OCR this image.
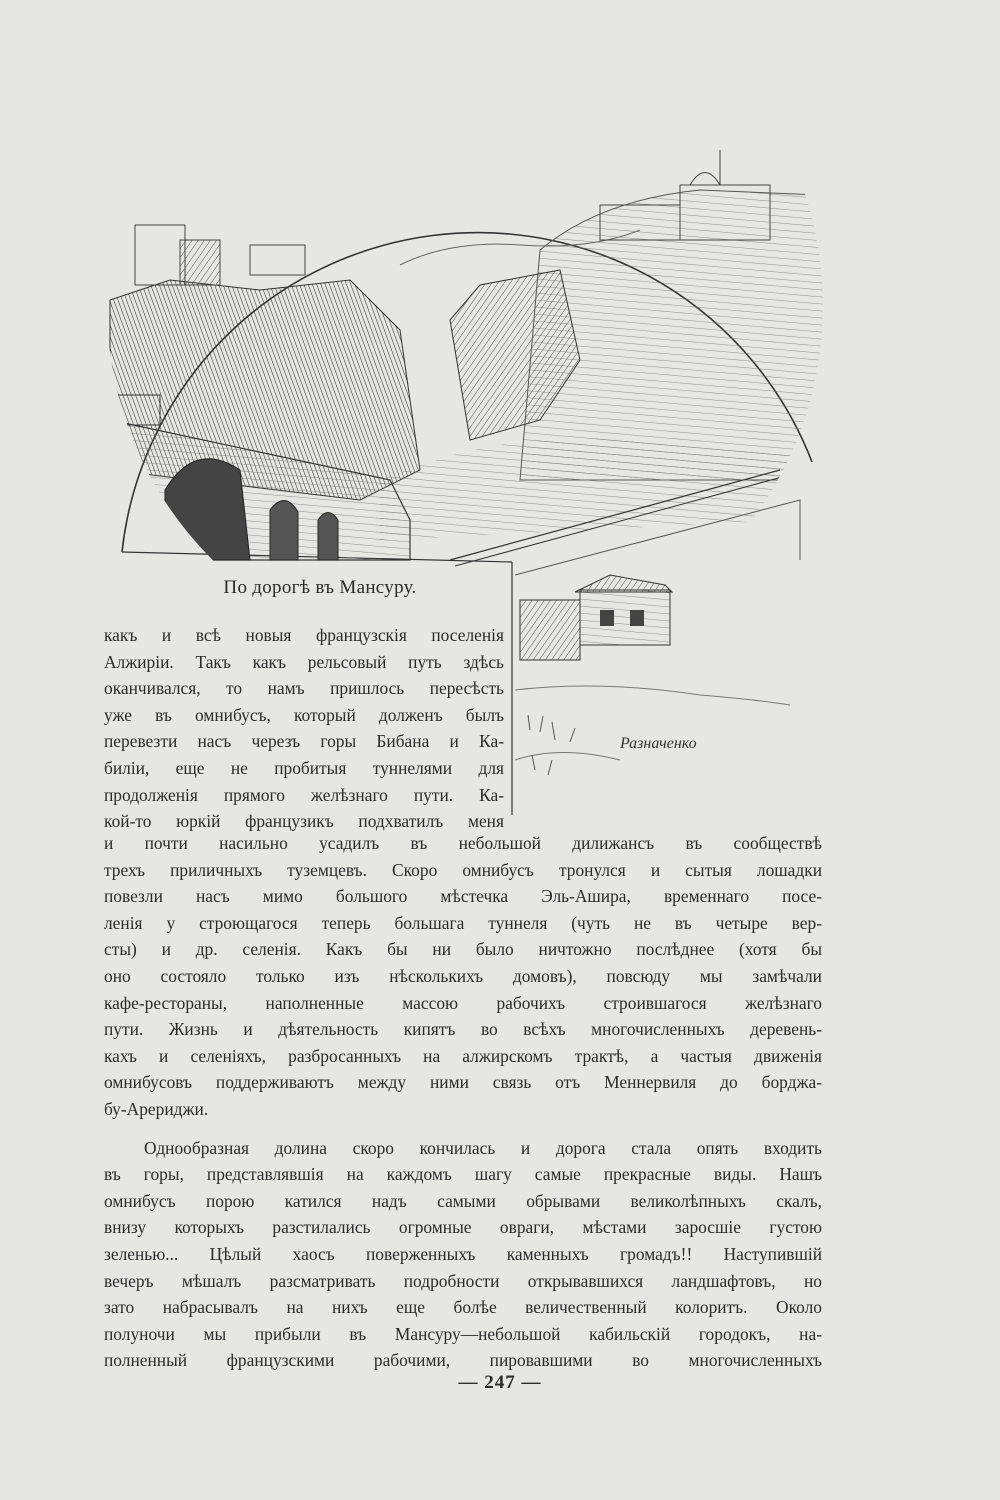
Разначенко
По дорогѣ въ Мансуру.
какъ и всѣ новыя французскія поселенія
Алжиріи. Такъ какъ рельсовый путь здѣсь
оканчивался, то намъ пришлось пересѣсть
уже въ омнибусъ, который долженъ былъ
перевезти насъ черезъ горы Бибана и Ка-
биліи, еще не пробитыя туннелями для
продолженія прямого желѣзнаго пути. Ка-
кой-то юркій французикъ подхватилъ меня
и почти насильно усадилъ въ небольшой дилижансъ въ сообществѣ
трехъ приличныхъ туземцевъ. Скоро омнибусъ тронулся и сытыя лошадки
повезли насъ мимо большого мѣстечка Эль-Ашира, временнаго посе-
ленія у строющагося теперь большага туннеля (чуть не въ четыре вер-
сты) и др. селенія. Какъ бы ни было ничтожно послѣднее (хотя бы
оно состояло только изъ нѣсколькихъ домовъ), повсюду мы замѣчали
кафе-рестораны, наполненные массою рабочихъ строившагося желѣзнаго
пути. Жизнь и дѣятельность кипятъ во всѣхъ многочисленныхъ деревень-
кахъ и селеніяхъ, разбросанныхъ на алжирскомъ трактѣ, а частыя движенія
омнибусовъ поддерживаютъ между ними связь отъ Меннервиля до борджа-
бу-Арериджи.
Однообразная долина скоро кончилась и дорога стала опять входить
въ горы, представлявшія на каждомъ шагу самые прекрасные виды. Нашъ
омнибусъ порою катился надъ самыми обрывами великолѣпныхъ скалъ,
внизу которыхъ разстилались огромные овраги, мѣстами заросшіе густою
зеленью... Цѣлый хаосъ поверженныхъ каменныхъ громадъ!! Наступившій
вечеръ мѣшалъ разсматривать подробности открывавшихся ландшафтовъ, но
зато набрасывалъ на нихъ еще болѣе величественный колоритъ. Около
полуночи мы прибыли въ Мансуру—небольшой кабильскій городокъ, на-
полненный французскими рабочими, пировавшими во многочисленныхъ
— 247 —
